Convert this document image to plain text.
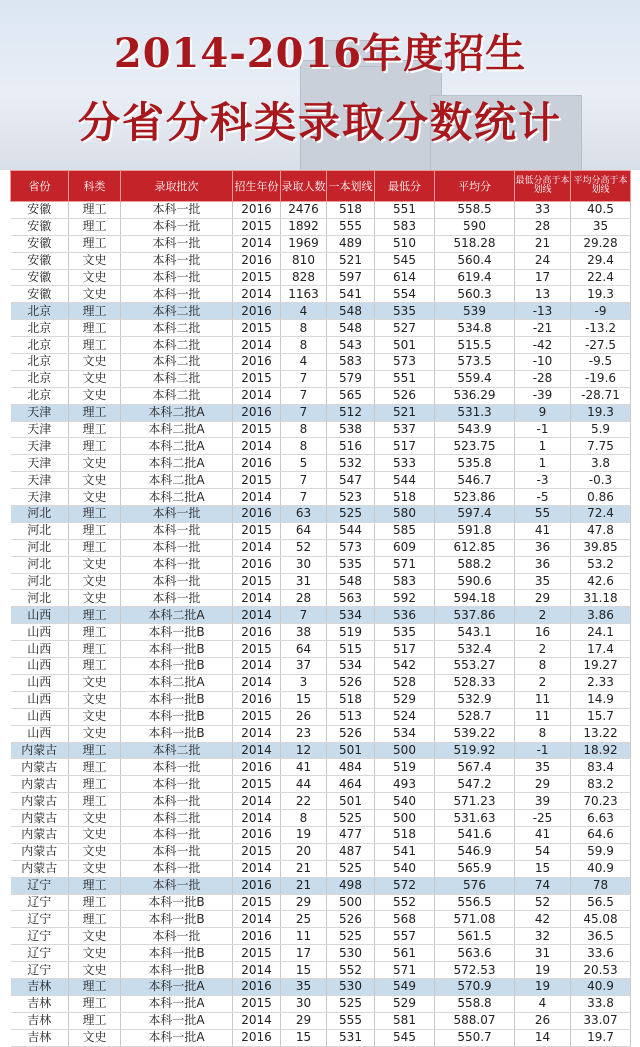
2014-2016年度招生
分省分科类录取分数统计
省份	科类	录取批次	招生年份	录取人数	一本划线	最低分	平均分	最低分高于本划线	平均分高于本划线
安徽	理工	本科一批	2016	2476	518	551	558.5	33	40.5
安徽	理工	本科一批	2015	1892	555	583	590	28	35
安徽	理工	本科一批	2014	1969	489	510	518.28	21	29.28
安徽	文史	本科一批	2016	810	521	545	560.4	24	29.4
安徽	文史	本科一批	2015	828	597	614	619.4	17	22.4
安徽	文史	本科一批	2014	1163	541	554	560.3	13	19.3
北京	理工	本科二批	2016	4	548	535	539	-13	-9
北京	理工	本科二批	2015	8	548	527	534.8	-21	-13.2
北京	理工	本科二批	2014	8	543	501	515.5	-42	-27.5
北京	文史	本科二批	2016	4	583	573	573.5	-10	-9.5
北京	文史	本科二批	2015	7	579	551	559.4	-28	-19.6
北京	文史	本科二批	2014	7	565	526	536.29	-39	-28.71
天津	理工	本科二批A	2016	7	512	521	531.3	9	19.3
天津	理工	本科二批A	2015	8	538	537	543.9	-1	5.9
天津	理工	本科二批A	2014	8	516	517	523.75	1	7.75
天津	文史	本科二批A	2016	5	532	533	535.8	1	3.8
天津	文史	本科二批A	2015	7	547	544	546.7	-3	-0.3
天津	文史	本科二批A	2014	7	523	518	523.86	-5	0.86
河北	理工	本科一批	2016	63	525	580	597.4	55	72.4
河北	理工	本科一批	2015	64	544	585	591.8	41	47.8
河北	理工	本科一批	2014	52	573	609	612.85	36	39.85
河北	文史	本科一批	2016	30	535	571	588.2	36	53.2
河北	文史	本科一批	2015	31	548	583	590.6	35	42.6
河北	文史	本科一批	2014	28	563	592	594.18	29	31.18
山西	理工	本科二批A	2014	7	534	536	537.86	2	3.86
山西	理工	本科一批B	2016	38	519	535	543.1	16	24.1
山西	理工	本科一批B	2015	64	515	517	532.4	2	17.4
山西	理工	本科一批B	2014	37	534	542	553.27	8	19.27
山西	文史	本科二批A	2014	3	526	528	528.33	2	2.33
山西	文史	本科一批B	2016	15	518	529	532.9	11	14.9
山西	文史	本科一批B	2015	26	513	524	528.7	11	15.7
山西	文史	本科一批B	2014	23	526	534	539.22	8	13.22
内蒙古	理工	本科二批	2014	12	501	500	519.92	-1	18.92
内蒙古	理工	本科一批	2016	41	484	519	567.4	35	83.4
内蒙古	理工	本科一批	2015	44	464	493	547.2	29	83.2
内蒙古	理工	本科一批	2014	22	501	540	571.23	39	70.23
内蒙古	文史	本科二批	2014	8	525	500	531.63	-25	6.63
内蒙古	文史	本科一批	2016	19	477	518	541.6	41	64.6
内蒙古	文史	本科一批	2015	20	487	541	546.9	54	59.9
内蒙古	文史	本科一批	2014	21	525	540	565.9	15	40.9
辽宁	理工	本科一批	2016	21	498	572	576	74	78
辽宁	理工	本科一批B	2015	29	500	552	556.5	52	56.5
辽宁	理工	本科一批B	2014	25	526	568	571.08	42	45.08
辽宁	文史	本科一批	2016	11	525	557	561.5	32	36.5
辽宁	文史	本科一批B	2015	17	530	561	563.6	31	33.6
辽宁	文史	本科一批B	2014	15	552	571	572.53	19	20.53
吉林	理工	本科一批A	2016	35	530	549	570.9	19	40.9
吉林	理工	本科一批A	2015	30	525	529	558.8	4	33.8
吉林	理工	本科一批A	2014	29	555	581	588.07	26	33.07
吉林	文史	本科一批A	2016	15	531	545	550.7	14	19.7
